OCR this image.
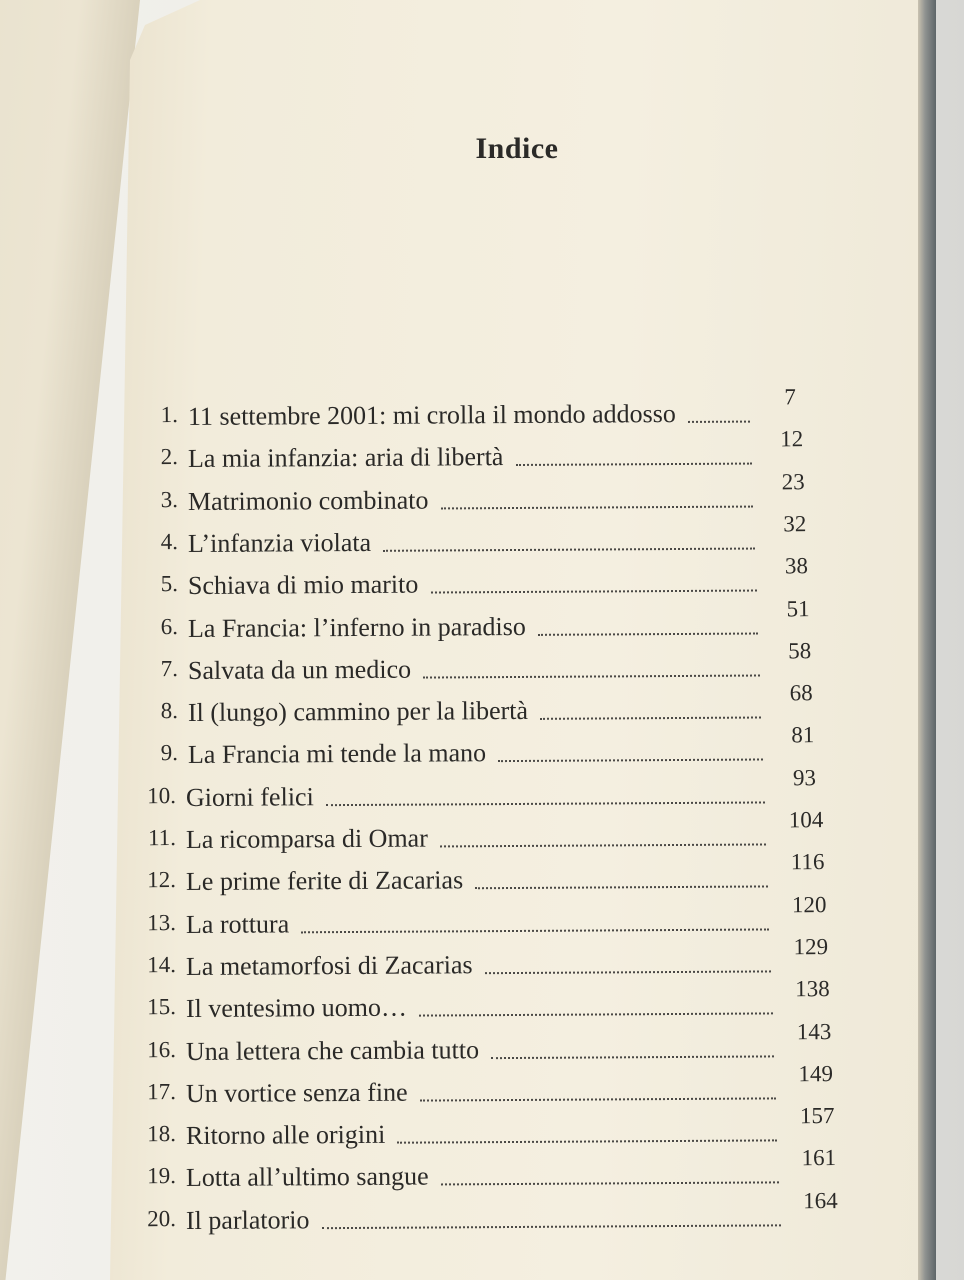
Indice
1. 11 settembre 2001: mi crolla il mondo addosso
7
2. La mia infanzia: aria di libertà
12
3. Matrimonio combinato
23
4. L’infanzia violata
32
5. Schiava di mio marito
38
6. La Francia: l’inferno in paradiso
51
7. Salvata da un medico
58
8. Il (lungo) cammino per la libertà
68
9. La Francia mi tende la mano
81
10. Giorni felici
93
11. La ricomparsa di Omar
104
12. Le prime ferite di Zacarias
116
13. La rottura
120
14. La metamorfosi di Zacarias
129
15. Il ventesimo uomo…
138
16. Una lettera che cambia tutto
143
17. Un vortice senza fine
149
18. Ritorno alle origini
157
19. Lotta all’ultimo sangue
161
20. Il parlatorio
164
